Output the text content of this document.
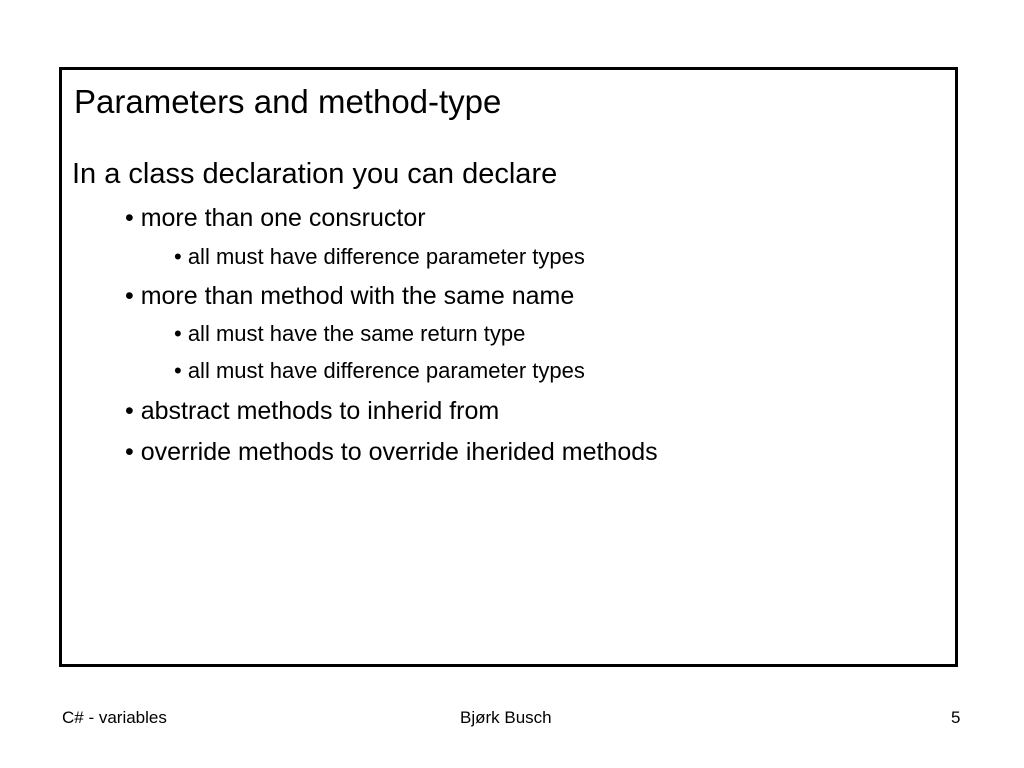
Parameters and method-type
In a class declaration you can declare
• more than one consructor
• all must have difference parameter types
• more than method with the same name
• all must have the same return type
• all must have difference parameter types
• abstract methods to inherid from
• override methods to override iherided methods
C# - variables	Bjørk Busch	5
